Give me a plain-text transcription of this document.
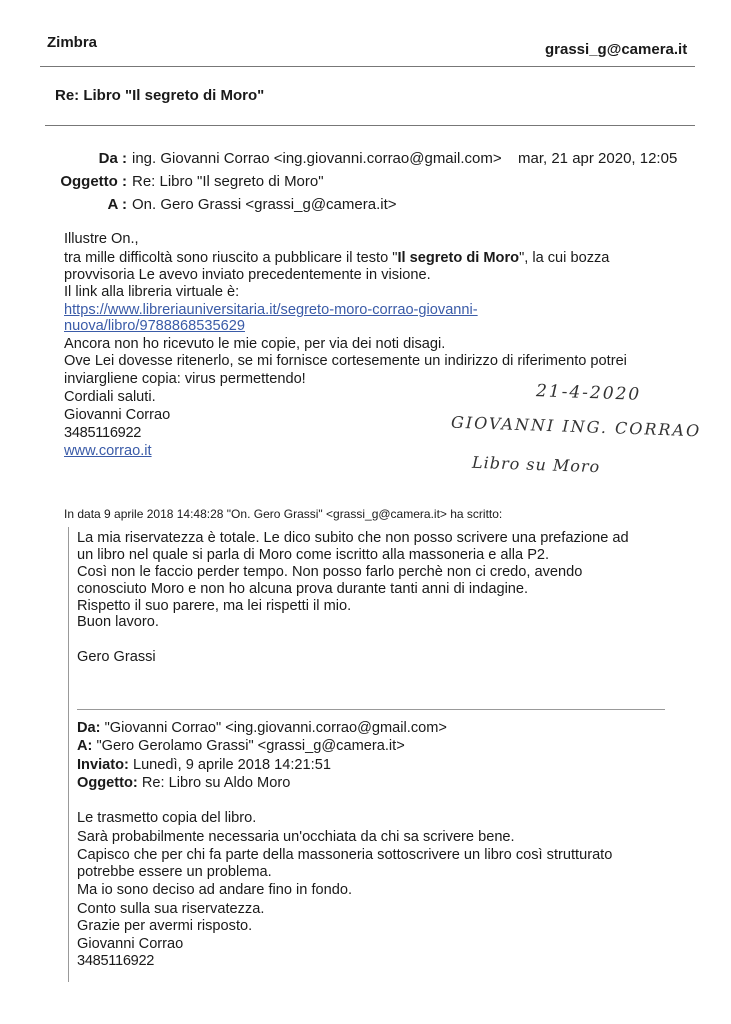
Zimbra	grassi_g@camera.it
Re: Libro "Il segreto di Moro"
Da : ing. Giovanni Corrao <ing.giovanni.corrao@gmail.com> mar, 21 apr 2020, 12:05
Oggetto : Re: Libro "Il segreto di Moro"
A : On. Gero Grassi <grassi_g@camera.it>
Illustre On.,
tra mille difficoltà sono riuscito a pubblicare il testo "Il segreto di Moro", la cui bozza
provvisoria Le avevo inviato precedentemente in visione.
Il link alla libreria virtuale è:
https://www.libreriauniversitaria.it/segreto-moro-corrao-giovanni-
nuova/libro/9788868535629
Ancora non ho ricevuto le mie copie, per via dei noti disagi.
Ove Lei dovesse ritenerlo, se mi fornisce cortesemente un indirizzo di riferimento potrei
inviargliene copia: virus permettendo!
Cordiali saluti.
Giovanni Corrao
3485116922
www.corrao.it
21-4-2020
GIOVANNI ING. CORRAO
Libro su Moro
In data 9 aprile 2018 14:48:28 "On. Gero Grassi" <grassi_g@camera.it> ha scritto:
La mia riservatezza è totale. Le dico subito che non posso scrivere una prefazione ad
un libro nel quale si parla di Moro come iscritto alla massoneria e alla P2.
Così non le faccio perder tempo. Non posso farlo perchè non ci credo, avendo
conosciuto Moro e non ho alcuna prova durante tanti anni di indagine.
Rispetto il suo parere, ma lei rispetti il mio.
Buon lavoro.
Gero Grassi
Da: "Giovanni Corrao" <ing.giovanni.corrao@gmail.com>
A: "Gero Gerolamo Grassi" <grassi_g@camera.it>
Inviato: Lunedì, 9 aprile 2018 14:21:51
Oggetto: Re: Libro su Aldo Moro
Le trasmetto copia del libro.
Sarà probabilmente necessaria un'occhiata da chi sa scrivere bene.
Capisco che per chi fa parte della massoneria sottoscrivere un libro così strutturato
potrebbe essere un problema.
Ma io sono deciso ad andare fino in fondo.
Conto sulla sua riservatezza.
Grazie per avermi risposto.
Giovanni Corrao
3485116922
